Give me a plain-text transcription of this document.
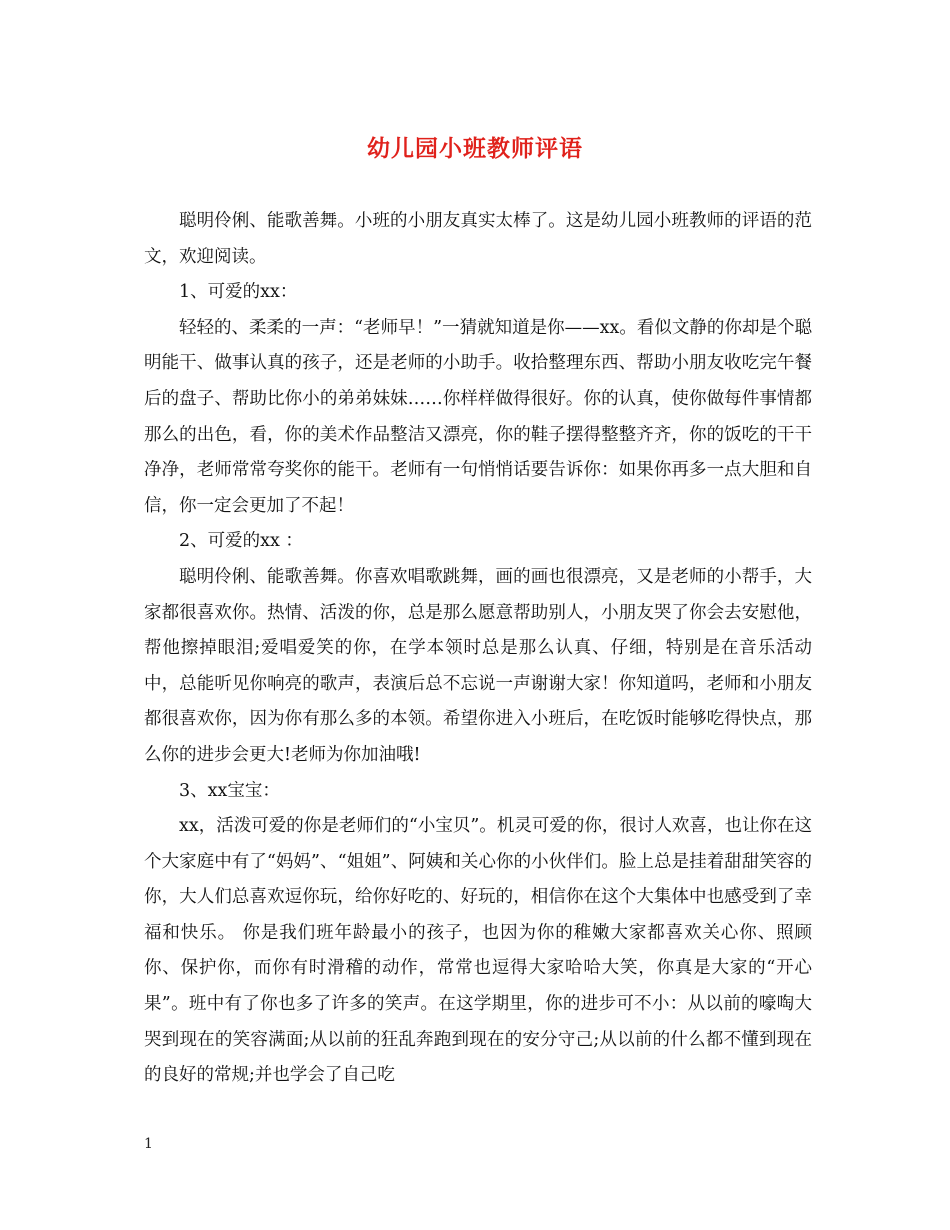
幼儿园小班教师评语

聪明伶俐、能歌善舞。小班的小朋友真实太棒了。这是幼儿园小班教师的评语的范文，欢迎阅读。

1、可爱的xx：

轻轻的、柔柔的一声：“老师早！”一猜就知道是你——xx。看似文静的你却是个聪明能干、做事认真的孩子，还是老师的小助手。收拾整理东西、帮助小朋友收吃完午餐后的盘子、帮助比你小的弟弟妹妹……你样样做得很好。你的认真，使你做每件事情都那么的出色，看，你的美术作品整洁又漂亮，你的鞋子摆得整整齐齐，你的饭吃的干干净净，老师常常夸奖你的能干。老师有一句悄悄话要告诉你：如果你再多一点大胆和自信，你一定会更加了不起！

2、可爱的xx ：

聪明伶俐、能歌善舞。你喜欢唱歌跳舞，画的画也很漂亮，又是老师的小帮手，大家都很喜欢你。热情、活泼的你，总是那么愿意帮助别人，小朋友哭了你会去安慰他，帮他擦掉眼泪;爱唱爱笑的你，在学本领时总是那么认真、仔细，特别是在音乐活动中，总能听见你响亮的歌声，表演后总不忘说一声谢谢大家！你知道吗，老师和小朋友都很喜欢你，因为你有那么多的本领。希望你进入小班后，在吃饭时能够吃得快点，那么你的进步会更大!老师为你加油哦!

3、xx宝宝：

xx，活泼可爱的你是老师们的“小宝贝”。机灵可爱的你，很讨人欢喜，也让你在这个大家庭中有了“妈妈”、“姐姐”、阿姨和关心你的小伙伴们。脸上总是挂着甜甜笑容的你，大人们总喜欢逗你玩，给你好吃的、好玩的，相信你在这个大集体中也感受到了幸福和快乐。 你是我们班年龄最小的孩子，也因为你的稚嫩大家都喜欢关心你、照顾你、保护你，而你有时滑稽的动作，常常也逗得大家哈哈大笑，你真是大家的“开心果”。班中有了你也多了许多的笑声。在这学期里，你的进步可不小：从以前的嚎啕大哭到现在的笑容满面;从以前的狂乱奔跑到现在的安分守己;从以前的什么都不懂到现在的良好的常规;并也学会了自己吃

1
